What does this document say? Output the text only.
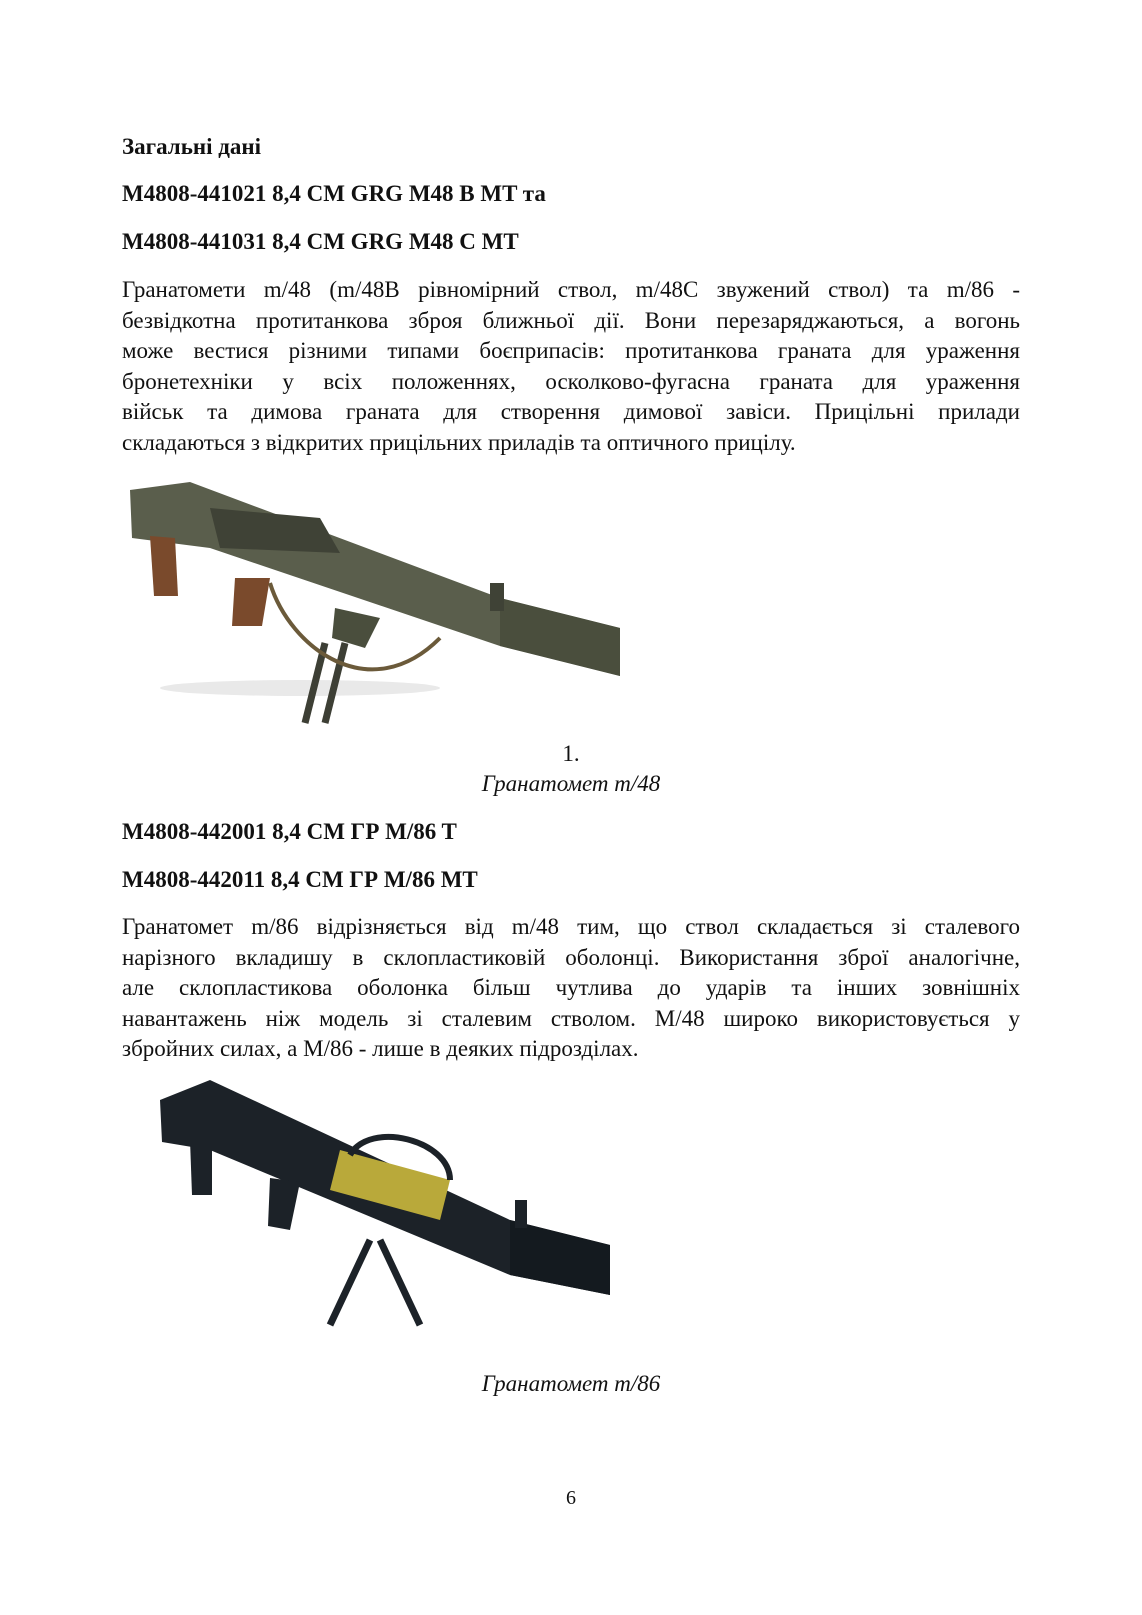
Загальні дані
M4808-441021 8,4 CM GRG M48 B MT та
M4808-441031 8,4 CM GRG M48 C MT

Гранатомети m/48 (m/48B рівномірний ствол, m/48C звужений ствол) та m/86 -
безвідкотна протитанкова зброя ближньої дії. Вони перезаряджаються, а вогонь
може вестися різними типами боєприпасів: протитанкова граната для ураження
бронетехніки у всіх положеннях, осколково-фугасна граната для ураження
військ та димова граната для створення димової завіси. Прицільні прилади
складаються з відкритих прицільних приладів та оптичного прицілу.

1.
Гранатомет m/48
M4808-442001 8,4 CM ГР M/86 T
M4808-442011 8,4 CM ГР M/86 MT

Гранатомет m/86 відрізняється від m/48 тим, що ствол складається зі сталевого
нарізного вкладишу в склопластиковій оболонці. Використання зброї аналогічне,
але склопластикова оболонка більш чутлива до ударів та інших зовнішніх
навантажень ніж модель зі сталевим стволом. M/48 широко використовується у
збройних силах, а M/86 - лише в деяких підрозділах.

Гранатомет m/86
6
